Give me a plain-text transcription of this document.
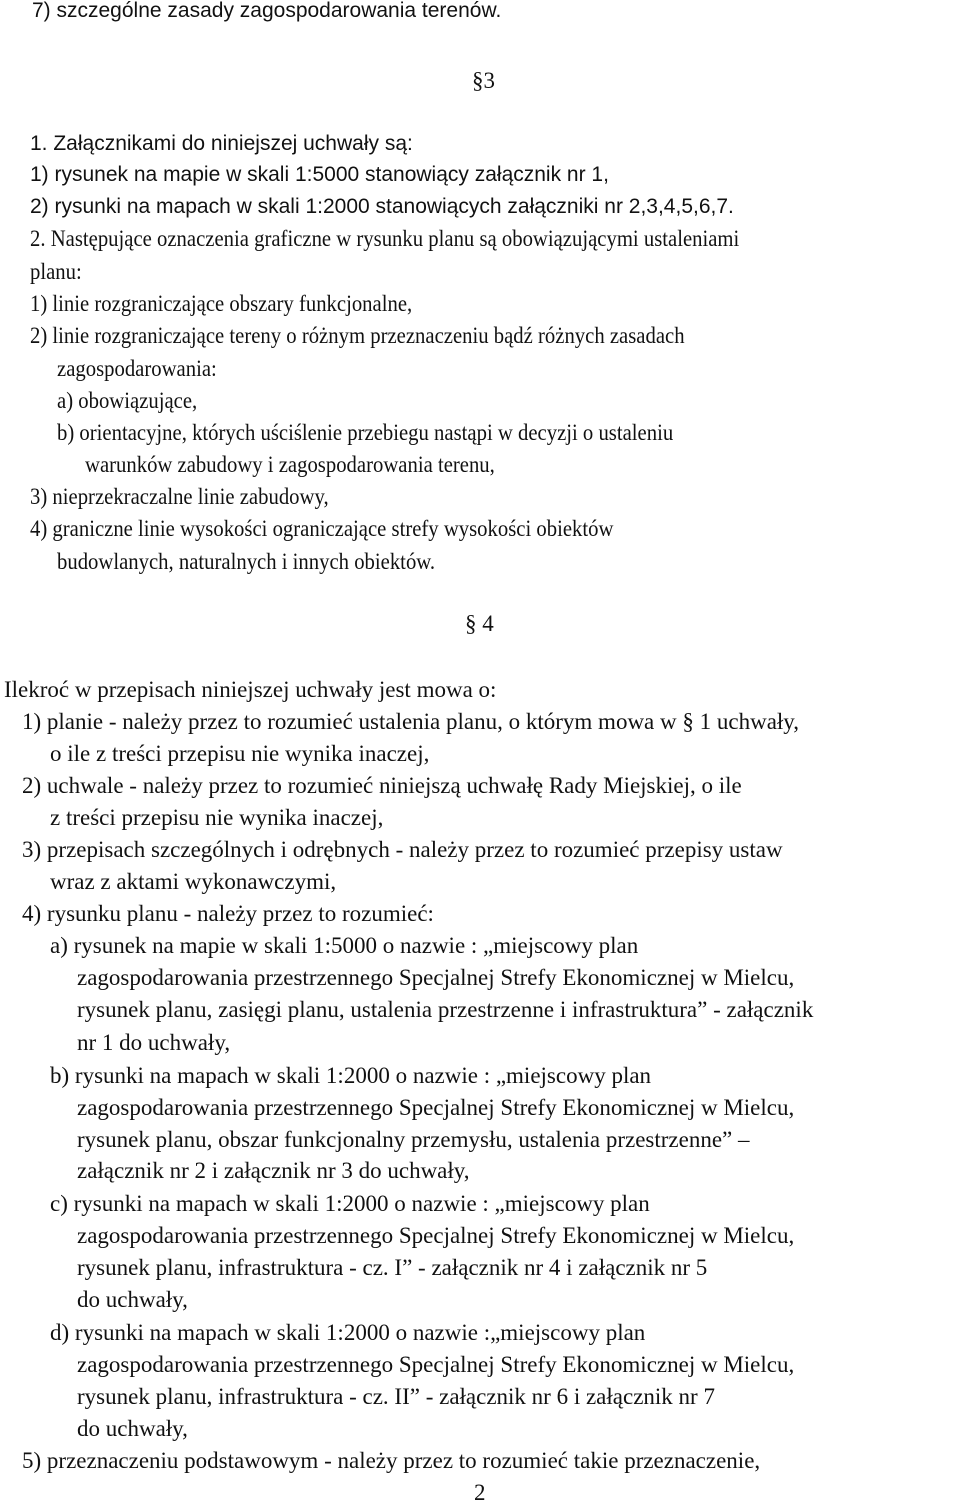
7) szczególne zasady zagospodarowania terenów.
§3
1. Załącznikami do niniejszej uchwały są:
1) rysunek na mapie w skali 1:5000 stanowiący załącznik nr 1,
2) rysunki na mapach w skali 1:2000 stanowiących załączniki nr 2,3,4,5,6,7.
2. Następujące oznaczenia graficzne w rysunku planu są obowiązującymi ustaleniami
planu:
1) linie rozgraniczające obszary funkcjonalne,
2) linie rozgraniczające tereny o różnym przeznaczeniu bądź różnych zasadach
zagospodarowania:
a) obowiązujące,
b) orientacyjne, których uściślenie przebiegu nastąpi w decyzji o ustaleniu
warunków zabudowy i zagospodarowania terenu,
3) nieprzekraczalne linie zabudowy,
4) graniczne linie wysokości ograniczające strefy wysokości obiektów
budowlanych, naturalnych i innych obiektów.
§ 4
Ilekroć w przepisach niniejszej uchwały jest mowa o:
1) planie - należy przez to rozumieć ustalenia planu, o którym mowa w § 1 uchwały,
o ile z treści przepisu nie wynika inaczej,
2) uchwale - należy przez to rozumieć niniejszą uchwałę Rady Miejskiej, o ile
z treści przepisu nie wynika inaczej,
3) przepisach szczególnych i odrębnych - należy przez to rozumieć przepisy ustaw
wraz z aktami wykonawczymi,
4) rysunku planu - należy przez to rozumieć:
a) rysunek na mapie w skali 1:5000 o nazwie : „miejscowy plan
zagospodarowania przestrzennego Specjalnej Strefy Ekonomicznej w Mielcu,
rysunek planu, zasięgi planu, ustalenia przestrzenne i infrastruktura” - załącznik
nr 1 do uchwały,
b) rysunki na mapach w skali 1:2000 o nazwie : „miejscowy plan
zagospodarowania przestrzennego Specjalnej Strefy Ekonomicznej w Mielcu,
rysunek planu, obszar funkcjonalny przemysłu, ustalenia przestrzenne” –
załącznik nr 2 i załącznik nr 3 do uchwały,
c) rysunki na mapach w skali 1:2000 o nazwie : „miejscowy plan
zagospodarowania przestrzennego Specjalnej Strefy Ekonomicznej w Mielcu,
rysunek planu, infrastruktura - cz. I” - załącznik nr 4 i załącznik nr 5
do uchwały,
d) rysunki na mapach w skali 1:2000 o nazwie :„miejscowy plan
zagospodarowania przestrzennego Specjalnej Strefy Ekonomicznej w Mielcu,
rysunek planu, infrastruktura - cz. II” - załącznik nr 6 i załącznik nr 7
do uchwały,
5) przeznaczeniu podstawowym - należy przez to rozumieć takie przeznaczenie,
2
